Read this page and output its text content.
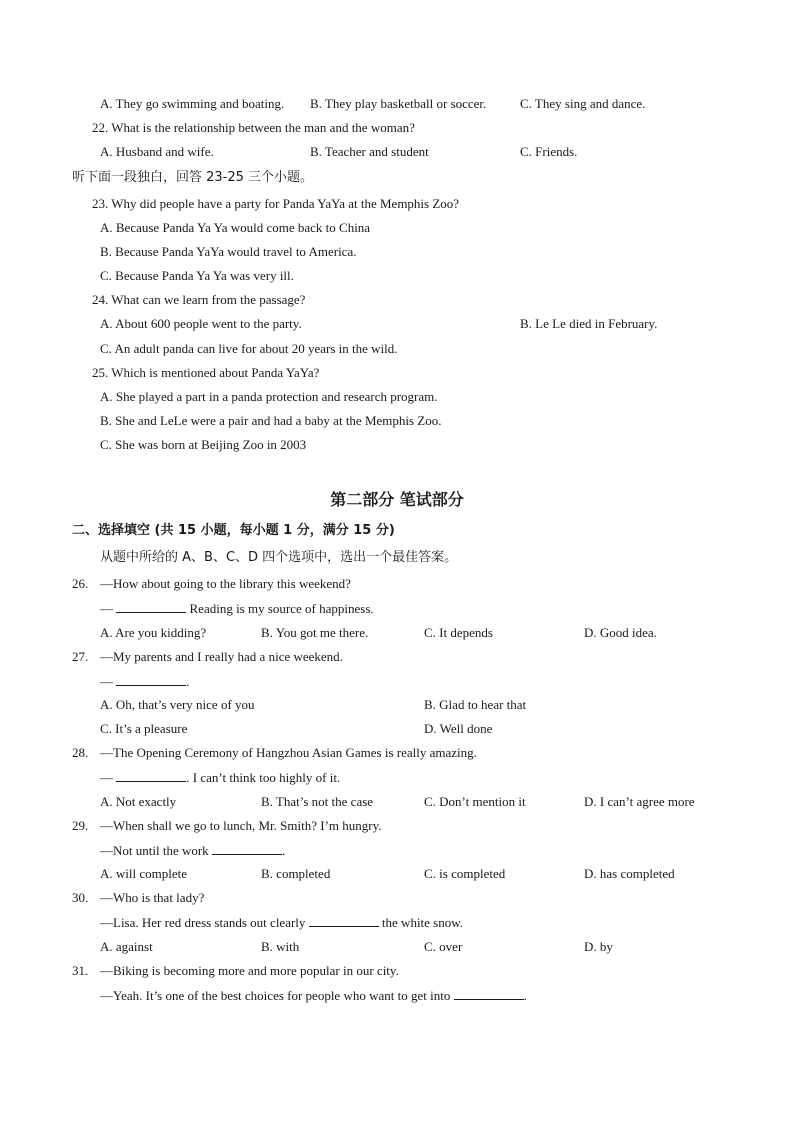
A. They go swimming and boating. B. They play basketball or soccer.	C. They sing and dance.
22. What is the relationship between the man and the woman?
A. Husband and wife.	B. Teacher and student	C. Friends.
听下面一段独白，回答 23-25 三个小题。
23. Why did people have a party for Panda YaYa at the Memphis Zoo?
A. Because Panda Ya Ya would come back to China
B. Because Panda YaYa would travel to America.
C. Because Panda Ya Ya was very ill.
24. What can we learn from the passage?
A. About 600 people went to the party.	B. Le Le died in February.
C. An adult panda can live for about 20 years in the wild.
25. Which is mentioned about Panda YaYa?
A. She played a part in a panda protection and research program.
B. She and LeLe were a pair and had a baby at the Memphis Zoo.
C. She was born at Beijing Zoo in 2003
第二部分 笔试部分
二、选择填空 (共 15 小题，每小题 1 分，满分 15 分)
从题中所给的 A、B、C、D 四个选项中，选出一个最佳答案。
26. —How about going to the library this weekend?
—	Reading is my source of happiness.
A. Are you kidding?	B. You got me there.	C. It depends	D. Good idea.
27. —My parents and I really had a nice weekend.
—	.
A. Oh, that’s very nice of you	B. Glad to hear that
C. It’s a pleasure	D. Well done
28. —The Opening Ceremony of Hangzhou Asian Games is really amazing.
—	. I can’t think too highly of it.
A. Not exactly	B. That’s not the case	C. Don’t mention it	D. I can’t agree more
29. —When shall we go to lunch, Mr. Smith? I’m hungry.
—Not until the work	.
A. will complete	B. completed	C. is completed	D. has completed
30. —Who is that lady?
—Lisa. Her red dress stands out clearly	the white snow.
A. against	B. with	C. over	D. by
31. —Biking is becoming more and more popular in our city.
—Yeah. It’s one of the best choices for people who want to get into	.
